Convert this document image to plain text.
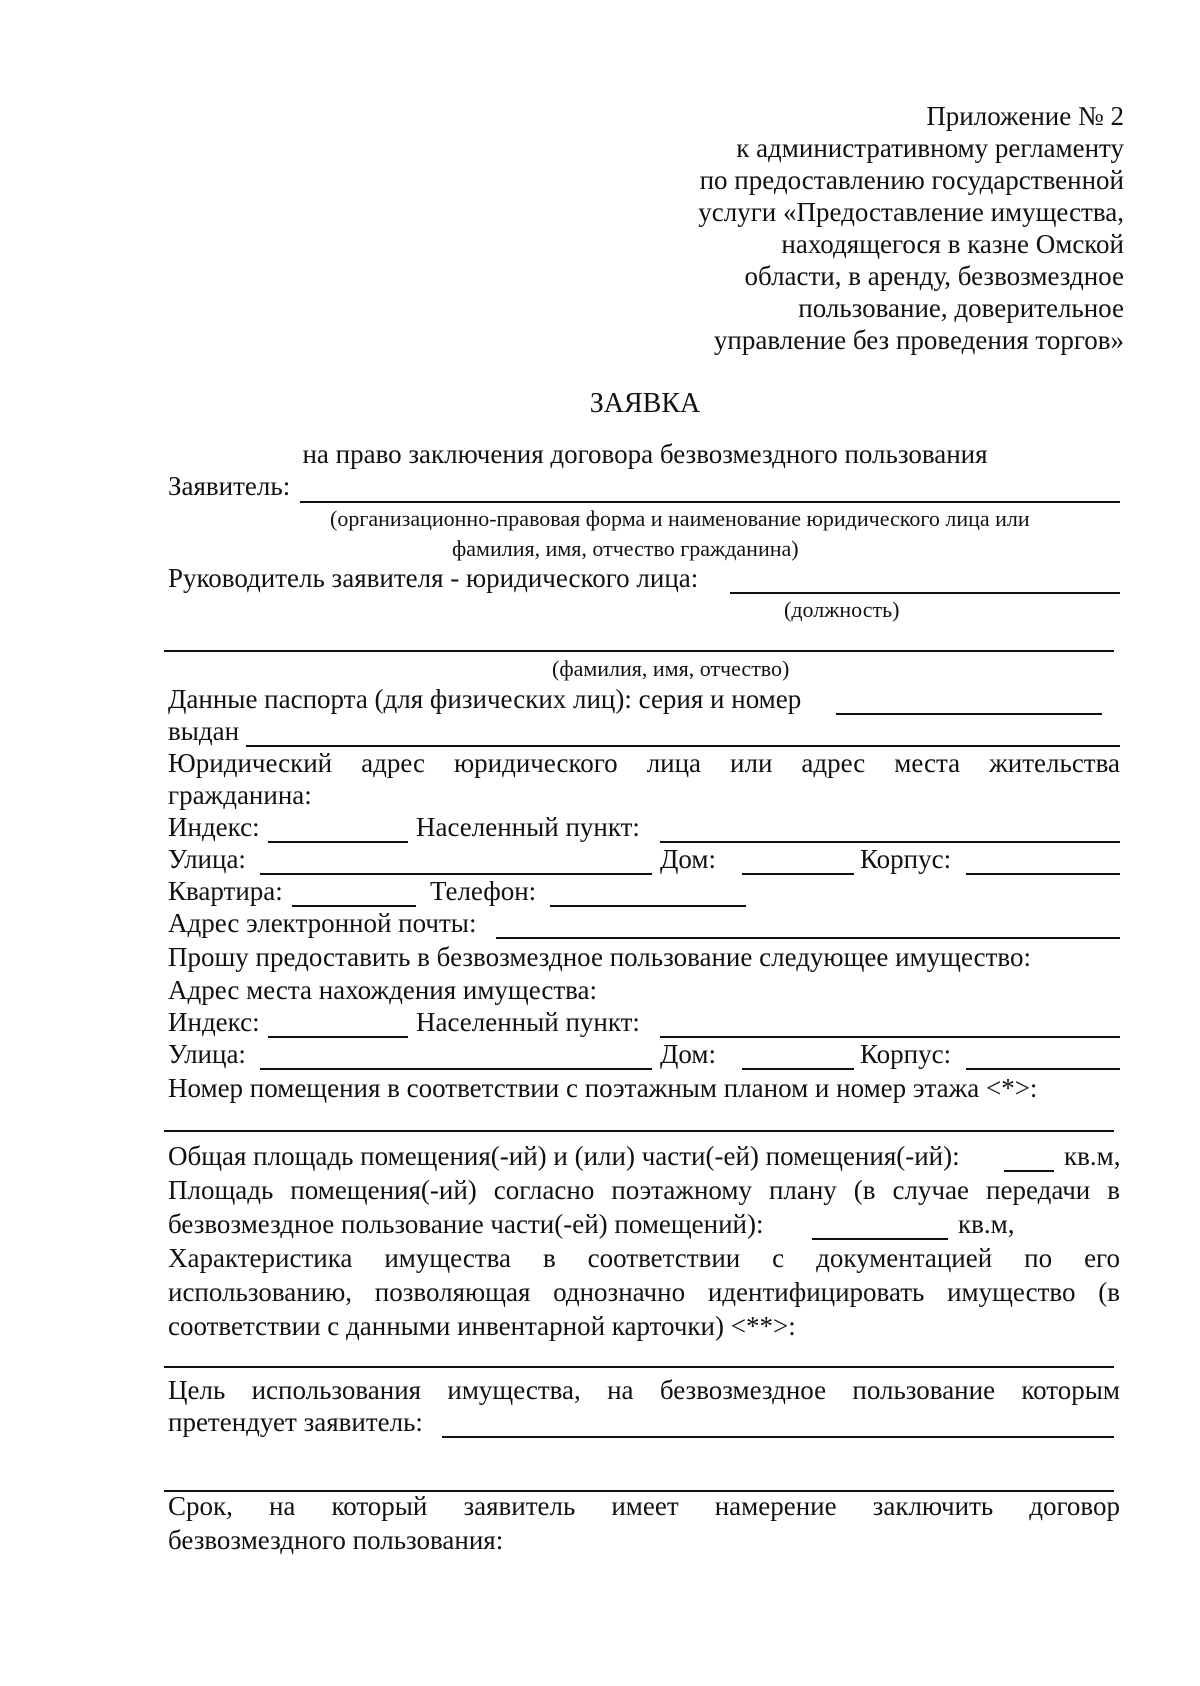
Приложение № 2
к административному регламенту
по предоставлению государственной
услуги «Предоставление имущества,
находящегося в казне Омской
области, в аренду, безвозмездное
пользование, доверительное
управление без проведения торгов»
ЗАЯВКА
на право заключения договора безвозмездного пользования
Заявитель:
(организационно-правовая форма и наименование юридического лица или
фамилия, имя, отчество гражданина)
Руководитель заявителя - юридического лица:
(должность)
(фамилия, имя, отчество)
Данные паспорта (для физических лиц): серия и номер
выдан
Юридический адрес юридического лица или адрес места жительства
гражданина:
Индекс:	Населенный пункт:
Улица:	Дом:	Корпус:
Квартира:	Телефон:
Адрес электронной почты:
Прошу предоставить в безвозмездное пользование следующее имущество:
Адрес места нахождения имущества:
Индекс:	Населенный пункт:
Улица:	Дом:	Корпус:
Номер помещения в соответствии с поэтажным планом и номер этажа <*>:
Общая площадь помещения(-ий) и (или) части(-ей) помещения(-ий):	кв.м,
Площадь помещения(-ий) согласно поэтажному плану (в случае передачи в
безвозмездное пользование части(-ей) помещений):	кв.м,
Характеристика имущества в соответствии с документацией по его
использованию, позволяющая однозначно идентифицировать имущество (в
соответствии с данными инвентарной карточки) <**>:
Цель использования имущества, на безвозмездное пользование которым
претендует заявитель:
Срок, на который заявитель имеет намерение заключить договор
безвозмездного пользования:
